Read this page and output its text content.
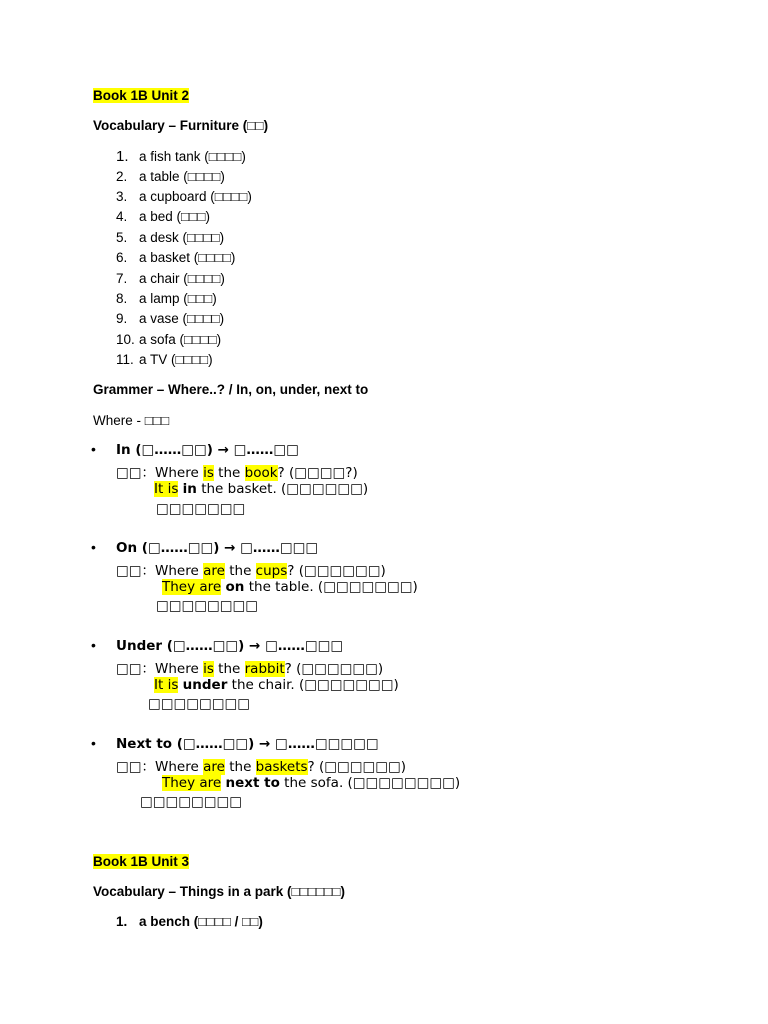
Book 1B Unit 2
Vocabulary – Furniture (□□)
1. a fish tank (□□□□)
2. a table (□□□□)
3. a cupboard (□□□□)
4. a bed (□□□)
5. a desk (□□□□)
6. a basket (□□□□)
7. a chair (□□□□)
8. a lamp (□□□)
9. a vase (□□□□)
10. a sofa (□□□□)
11. a TV (□□□□)
Grammer – Where..? / In, on, under, next to
Where - □□□
• In (□……□□) → □……□□
□□：Where is the book? (□□□□?)
It is in the basket. (□□□□□□)
□□□□□□□
• On (□……□□) → □……□□□
□□：Where are the cups? (□□□□□□)
They are on the table. (□□□□□□□)
□□□□□□□□
• Under (□……□□) → □……□□□
□□：Where is the rabbit? (□□□□□□)
It is under the chair. (□□□□□□□)
□□□□□□□□
• Next to (□……□□) → □……□□□□□
□□：Where are the baskets? (□□□□□□)
They are next to the sofa. (□□□□□□□□)
□□□□□□□□
Book 1B Unit 3
Vocabulary – Things in a park (□□□□□□)
1. a bench (□□□□ / □□)
